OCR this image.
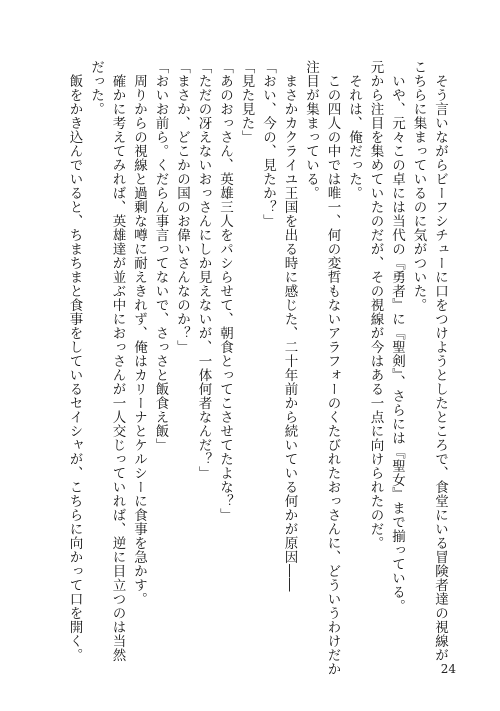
　そう言いながらビーフシチューに口をつけようとしたところで、食堂にいる冒険者達の視線が
こちらに集まっているのに気がついた。
　いや、元々この卓には当代の『勇者』に『聖剣』、さらには『聖女』まで揃っている。
元から注目を集めていたのだが、その視線が今はある一点に向けられたのだ。
　それは、俺だった。
　この四人の中では唯一、何の変哲もないアラフォーのくたびれたおっさんに、どういうわけだか
注目が集まっている。
　まさかカクライユ王国を出る時に感じた、二十年前から続いている何かが原因――
「おい、今の、見たか？」
「見た見た」
「あのおっさん、英雄三人をパシらせて、朝食とってこさせてたよな？」
「ただの冴えないおっさんにしか見えないが、一体何者なんだ？」
「まさか、どこかの国のお偉いさんなのか？」
「おいお前ら。くだらん事言ってないで、さっさと飯食え飯」
　周りからの視線と過剰な噂に耐えきれず、俺はカリーナとケルシーに食事を急かす。
　確かに考えてみれば、英雄達が並ぶ中におっさんが一人交じっていれば、逆に目立つのは当然
だった。
　飯をかき込んでいると、ちまちまと食事をしているセイシャが、こちらに向かって口を開く。
24
